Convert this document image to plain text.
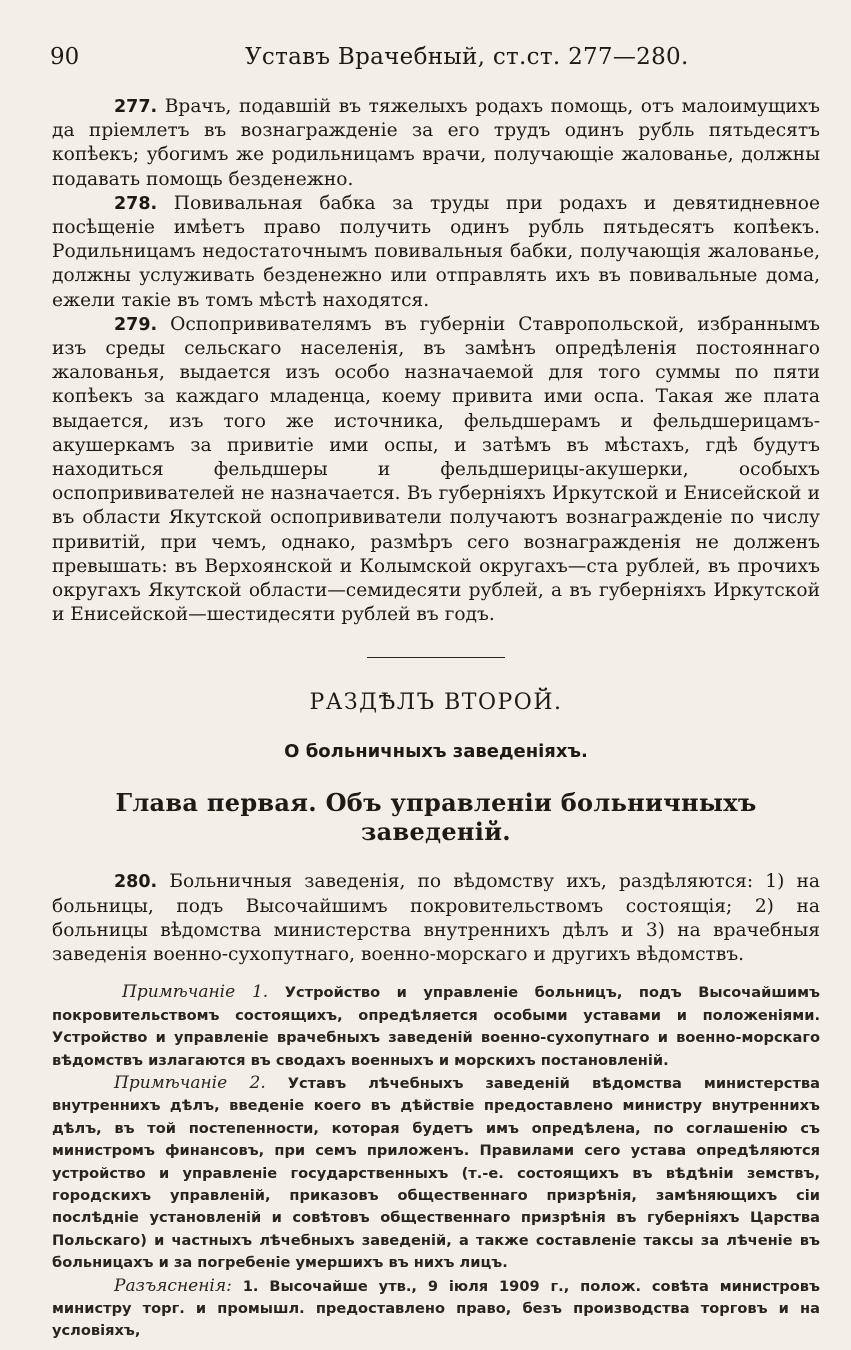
90	Уставъ Врачебный, ст.ст. 277—280.

277. Врачъ, подавшій въ тяжелыхъ родахъ помощь, отъ малоимущихъ да пріемлетъ въ вознагражденіе за его трудъ одинъ рубль пятьдесятъ копѣекъ; убогимъ же родильницамъ врачи, получающіе жалованье, должны подавать помощь безденежно.

278. Повивальная бабка за труды при родахъ и девятидневное посѣщеніе имѣетъ право получить одинъ рубль пятьдесятъ копѣекъ. Родильницамъ недостаточнымъ повивальныя бабки, получающія жалованье, должны услуживать безденежно или отправлять ихъ въ повивальные дома, ежели такіе въ томъ мѣстѣ находятся.

279. Оспопрививателямъ въ губерніи Ставропольской, избраннымъ изъ среды сельскаго населенія, въ замѣнъ опредѣленія постояннаго жалованья, выдается изъ особо назначаемой для того суммы по пяти копѣекъ за каждаго младенца, коему привита ими оспа. Такая же плата выдается, изъ того же источника, фельдшерамъ и фельдшерицамъ-акушеркамъ за привитіе ими оспы, и затѣмъ въ мѣстахъ, гдѣ будутъ находиться фельдшеры и фельдшерицы-акушерки, особыхъ оспопрививателей не назначается. Въ губерніяхъ Иркутской и Енисейской и въ области Якутской оспопрививатели получаютъ вознагражденіе по числу привитій, при чемъ, однако, размѣръ сего вознагражденія не долженъ превышать: въ Верхоянской и Колымской округахъ—ста рублей, въ прочихъ округахъ Якутской области—семидесяти рублей, а въ губерніяхъ Иркутской и Енисейской—шестидесяти рублей въ годъ.

РАЗДѢЛЪ ВТОРОЙ.
О больничныхъ заведеніяхъ.
Глава первая. Объ управленіи больничныхъ заведеній.

280. Больничныя заведенія, по вѣдомству ихъ, раздѣляются: 1) на больницы, подъ Высочайшимъ покровительствомъ состоящія; 2) на больницы вѣдомства министерства внутреннихъ дѣлъ и 3) на врачебныя заведенія военно-сухопутнаго, военно-морскаго и другихъ вѣдомствъ.

Примѣчаніе 1. Устройство и управленіе больницъ, подъ Высочайшимъ покровительствомъ состоящихъ, опредѣляется особыми уставами и положеніями. Устройство и управленіе врачебныхъ заведеній военно-сухопутнаго и военно-морскаго вѣдомствъ излагаются въ сводахъ военныхъ и морскихъ постановленій.

Примѣчаніе 2. Уставъ лѣчебныхъ заведеній вѣдомства министерства внутреннихъ дѣлъ, введеніе коего въ дѣйствіе предоставлено министру внутреннихъ дѣлъ, въ той постепенности, которая будетъ имъ опредѣлена, по соглашенію съ министромъ финансовъ, при семъ приложенъ. Правилами сего устава опредѣляются устройство и управленіе государственныхъ (т.-е. состоящихъ въ вѣдѣніи земствъ, городскихъ управленій, приказовъ общественнаго призрѣнія, замѣняющихъ сіи послѣдніе установленій и совѣтовъ общественнаго призрѣнія въ губерніяхъ Царства Польскаго) и частныхъ лѣчебныхъ заведеній, а также составленіе таксы за лѣченіе въ больницахъ и за погребеніе умершихъ въ нихъ лицъ.

Разъясненія: 1. Высочайше утв., 9 іюля 1909 г., полож. совѣта министровъ министру торг. и промышл. предоставлено право, безъ производства торговъ и на условіяхъ,
